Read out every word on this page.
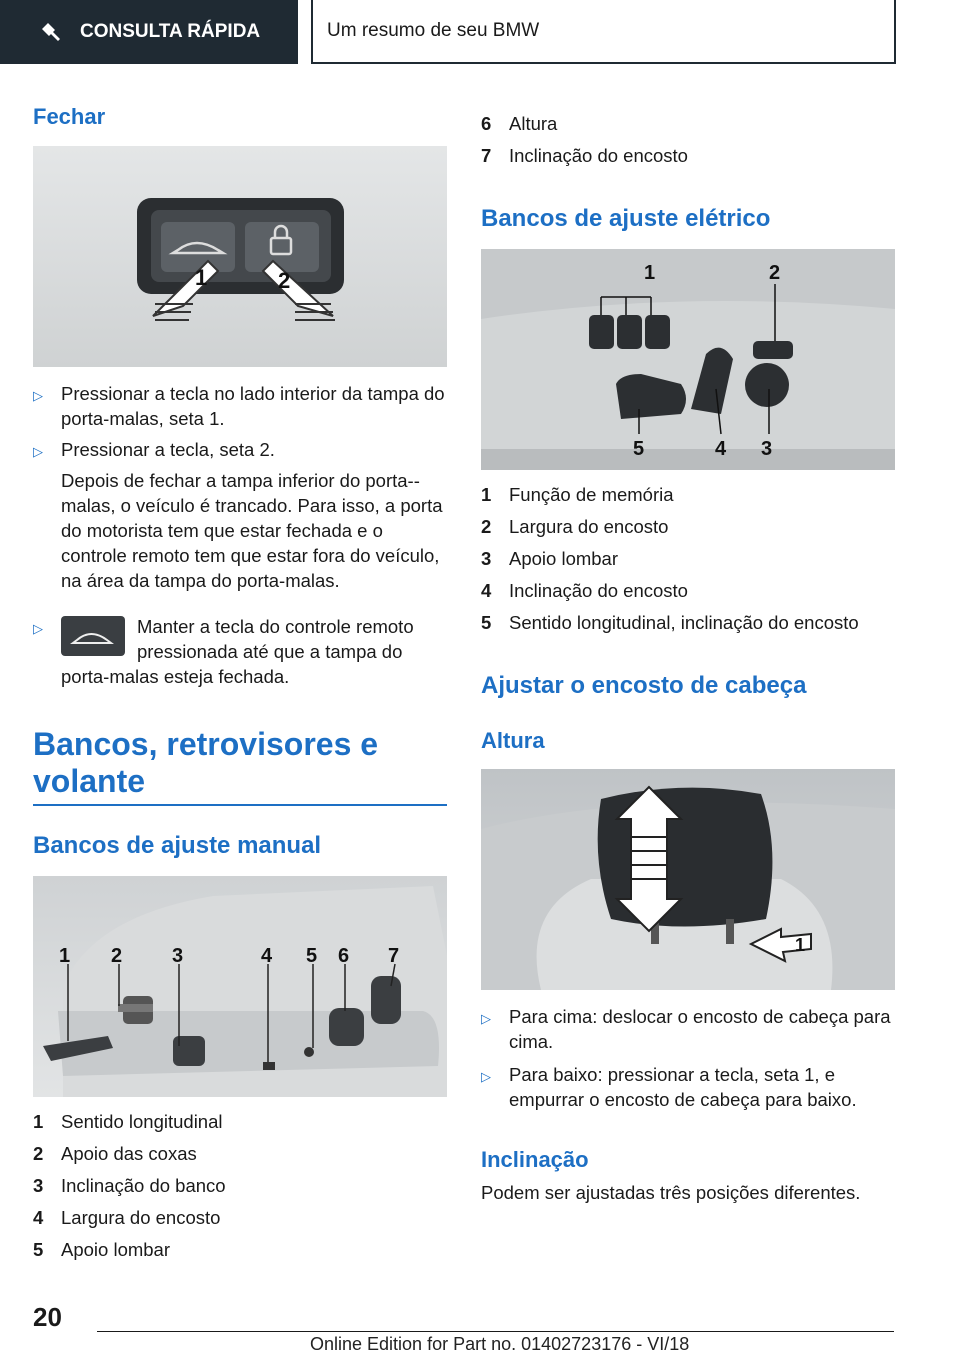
CONSULTA RÁPIDA	Um resumo de seu BMW
Fechar
1	2
▷ Pressionar a tecla no lado interior da tampa do porta-malas, seta 1.
▷ Pressionar a tecla, seta 2.
Depois de fechar a tampa inferior do porta--malas, o veículo é trancado. Para isso, a porta do motorista tem que estar fechada e o controle remoto tem que estar fora do veículo, na área da tampa do porta-malas.
▷	Manter a tecla do controle remoto pressionada até que a tampa do porta-malas esteja fechada.
Bancos, retrovisores e
volante
Bancos de ajuste manual
1 2 3	4 5 6 7
1 Sentido longitudinal
2 Apoio das coxas
3 Inclinação do banco
4 Largura do encosto
5 Apoio lombar
6 Altura
7 Inclinação do encosto
Bancos de ajuste elétrico
1	2
5	4 3
1 Função de memória
2 Largura do encosto
3 Apoio lombar
4 Inclinação do encosto
5 Sentido longitudinal, inclinação do encosto
Ajustar o encosto de cabeça
Altura
1
▷ Para cima: deslocar o encosto de cabeça para cima.
▷ Para baixo: pressionar a tecla, seta 1, e empurrar o encosto de cabeça para baixo.
Inclinação
Podem ser ajustadas três posições diferentes.
20
Online Edition for Part no. 01402723176 - VI/18
